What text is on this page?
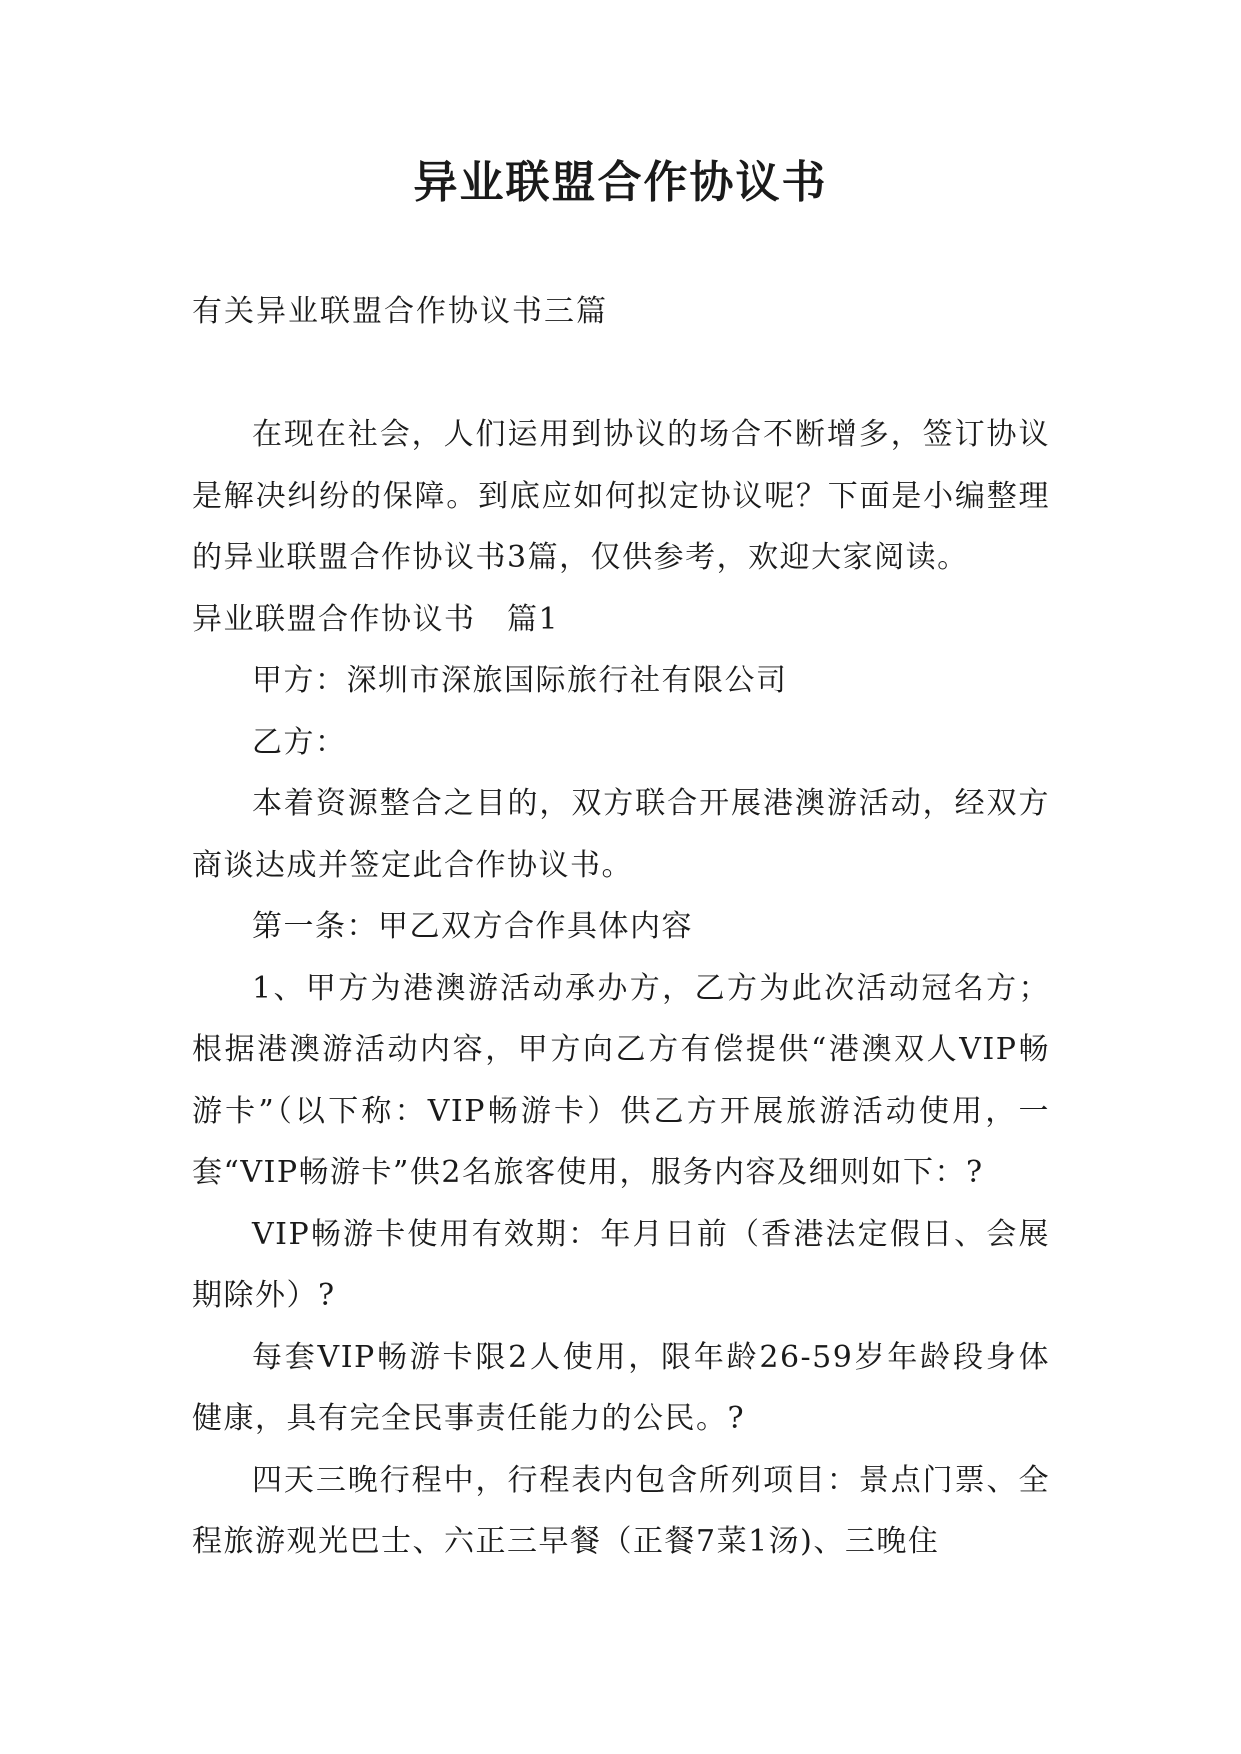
异业联盟合作协议书

有关异业联盟合作协议书三篇

在现在社会，人们运用到协议的场合不断增多，签订协议是解决纠纷的保障。到底应如何拟定协议呢？下面是小编整理的异业联盟合作协议书3篇，仅供参考，欢迎大家阅读。

异业联盟合作协议书　篇1

甲方：深圳市深旅国际旅行社有限公司

乙方：

本着资源整合之目的，双方联合开展港澳游活动，经双方商谈达成并签定此合作协议书。

第一条：甲乙双方合作具体内容

1、甲方为港澳游活动承办方，乙方为此次活动冠名方；根据港澳游活动内容，甲方向乙方有偿提供“港澳双人VIP畅游卡”（以下称：VIP畅游卡）供乙方开展旅游活动使用，一套“VIP畅游卡”供2名旅客使用，服务内容及细则如下：?

VIP畅游卡使用有效期：年月日前（香港法定假日、会展期除外）?

每套VIP畅游卡限2人使用，限年龄26-59岁年龄段身体健康，具有完全民事责任能力的公民。?

四天三晚行程中，行程表内包含所列项目：景点门票、全程旅游观光巴士、六正三早餐（正餐7菜1汤)、三晚住
